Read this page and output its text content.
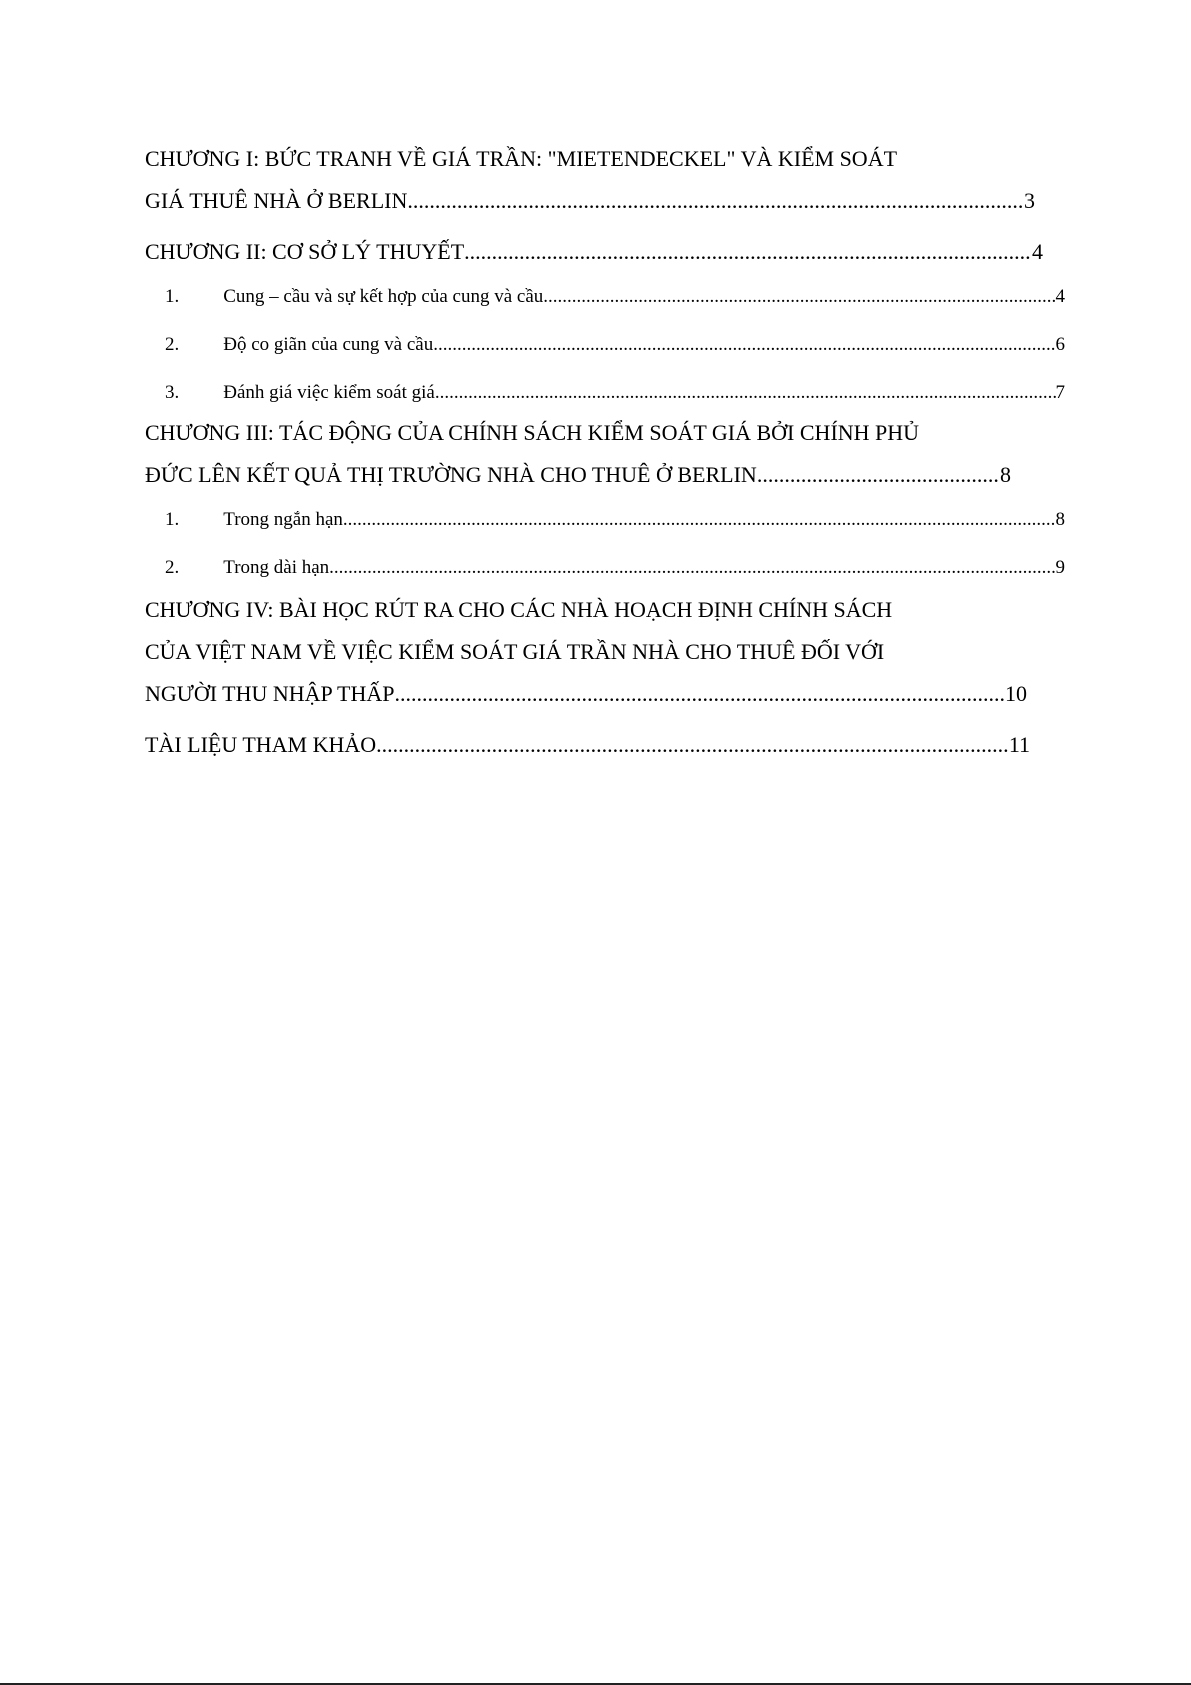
CHƯƠNG I: BỨC TRANH VỀ GIÁ TRẦN: "MIETENDECKEL" VÀ KIỂM SOÁT
GIÁ THUÊ NHÀ Ở BERLIN .....	3
CHƯƠNG II: CƠ SỞ LÝ THUYẾT .....	4
1. Cung – cầu và sự kết hợp của cung và cầu .....	4
2. Độ co giãn của cung và cầu .....	6
3. Đánh giá việc kiểm soát giá .....	7
CHƯƠNG III: TÁC ĐỘNG CỦA CHÍNH SÁCH KIỂM SOÁT GIÁ BỞI CHÍNH PHỦ
ĐỨC LÊN KẾT QUẢ THỊ TRƯỜNG NHÀ CHO THUÊ Ở BERLIN .....	8
1. Trong ngắn hạn .....	8
2. Trong dài hạn .....	9
CHƯƠNG IV: BÀI HỌC RÚT RA CHO CÁC NHÀ HOẠCH ĐỊNH CHÍNH SÁCH
CỦA VIỆT NAM VỀ VIỆC KIỂM SOÁT GIÁ TRẦN NHÀ CHO THUÊ ĐỐI VỚI
NGƯỜI THU NHẬP THẤP .....	10
TÀI LIỆU THAM KHẢO .....	11
